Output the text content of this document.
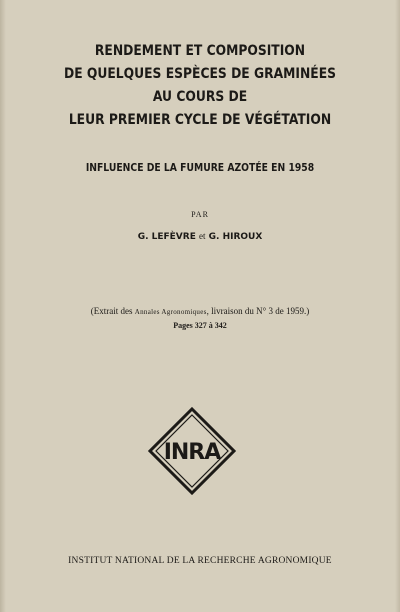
RENDEMENT ET COMPOSITION
DE QUELQUES ESPÈCES DE GRAMINÉES
AU COURS DE
LEUR PREMIER CYCLE DE VÉGÉTATION
INFLUENCE DE LA FUMURE AZOTÉE EN 1958
PAR
G. LEFÈVRE et G. HIROUX
(Extrait des Annales Agronomiques, livraison du N° 3 de 1959.)
Pages 327 à 342
INRA
INSTITUT NATIONAL DE LA RECHERCHE AGRONOMIQUE
